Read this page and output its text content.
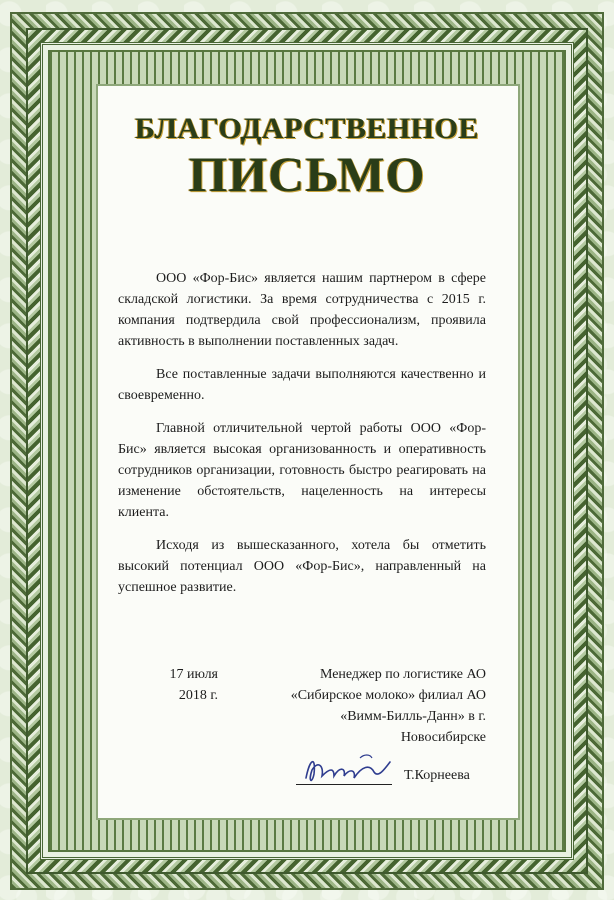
БЛАГОДАРСТВЕННОЕ
ПИСЬМО

ООО «Фор-Бис» является нашим партнером в сфере складской логистики. За время сотрудничества с 2015 г. компания подтвердила свой профессионализм, проявила активность в выполнении поставленных задач.

Все поставленные задачи выполняются качественно и своевременно.

Главной отличительной чертой работы ООО «Фор-Бис» является высокая организованность и оперативность сотрудников организации, готовность быстро реагировать на изменение обстоятельств, нацеленность на интересы клиента.

Исходя из вышесказанного, хотела бы отметить высокий потенциал ООО «Фор-Бис», направленный на успешное развитие.

17 июля
2018 г.
Менеджер по логистике АО
«Сибирское молоко» филиал АО
«Вимм-Билль-Данн» в г.
Новосибирске
Т.Корнеева
